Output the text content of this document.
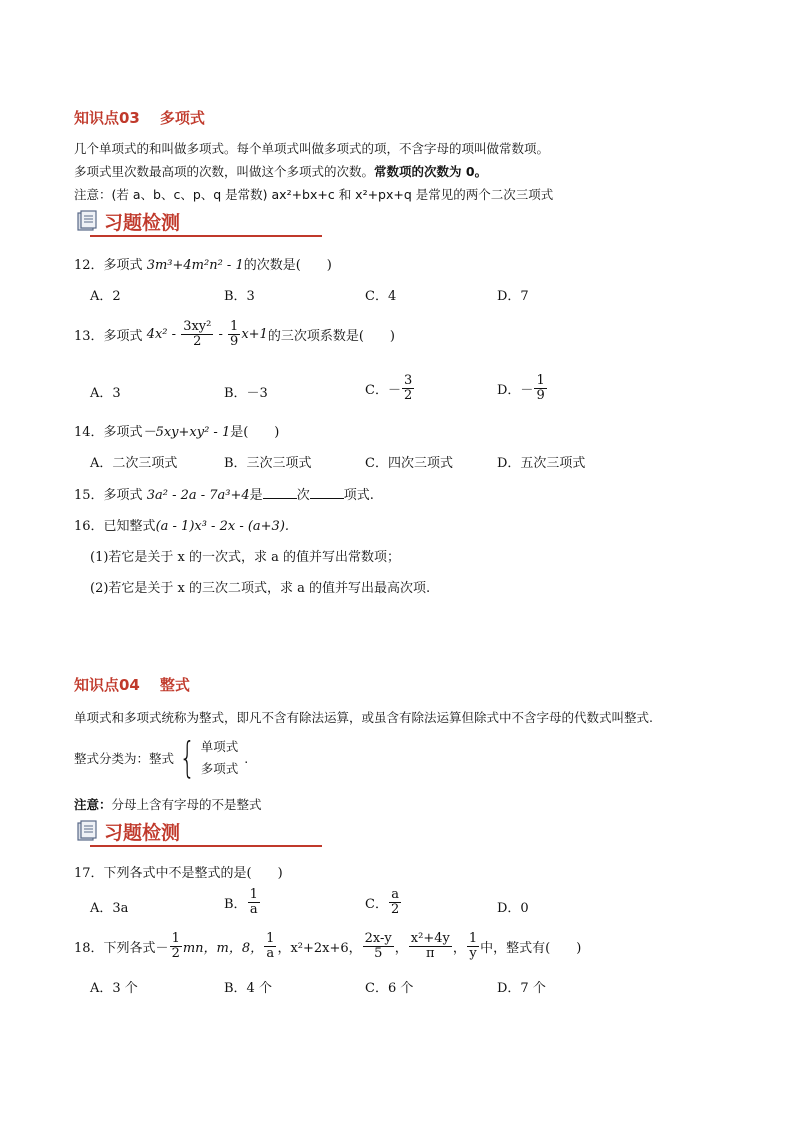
知识点03 多项式
几个单项式的和叫做多项式。每个单项式叫做多项式的项，不含字母的项叫做常数项。
多项式里次数最高项的次数，叫做这个多项式的次数。常数项的次数为 0。
注意：(若 a、b、c、p、q 是常数) ax²+bx+c 和 x²+px+q 是常见的两个二次三项式
习题检测
12．多项式 3m³+4m²n² - 1的次数是(　　)
A．2	B．3	C．4	D．7
13． 多项式
4x² -
$\frac{\text{3xy²}}{2} - \frac{1}{9} x+1$ 的三次项系数是(　　)
A．3	B．－3	C．－ $\frac{3}{2}$	D．－ $\frac{1}{9}$
14．多项式－5xy+xy² - 1是(　　)
A．二次三项式	B．三次三项式	C．四次三项式	D．五次三项式
15．多项式 3a² - 2a - 7a³+4是	次	项式.
16．已知整式(a - 1)x³ - 2x - (a+3).
(1)若它是关于 x 的一次式，求 a 的值并写出常数项；
(2)若它是关于 x 的三次二项式，求 a 的值并写出最高次项.
知识点04 整式
单项式和多项式统称为整式，即凡不含有除法运算，或虽含有除法运算但除式中不含字母的代数式叫整式.
整式分类为：整式 { 单项式
多项式
.
注意：分母上含有字母的不是整式
习题检测
17．下列各式中不是整式的是(　　)
A．3a	B． $\frac{1}{a}$	C． $\frac{a}{2}$	D．0
18． 下列各式－ $\frac{1}{2}$ mn，m，8， $\frac{1}{a}$ ，x²+2x+6， $\frac{2x-y}{5}$ ， $\frac{\text{x²+4y}}{\pi}$ ， $\frac{1}{y}$ 中，整式有(　　)
A．3 个	B．4 个	C．6 个	D．7 个
